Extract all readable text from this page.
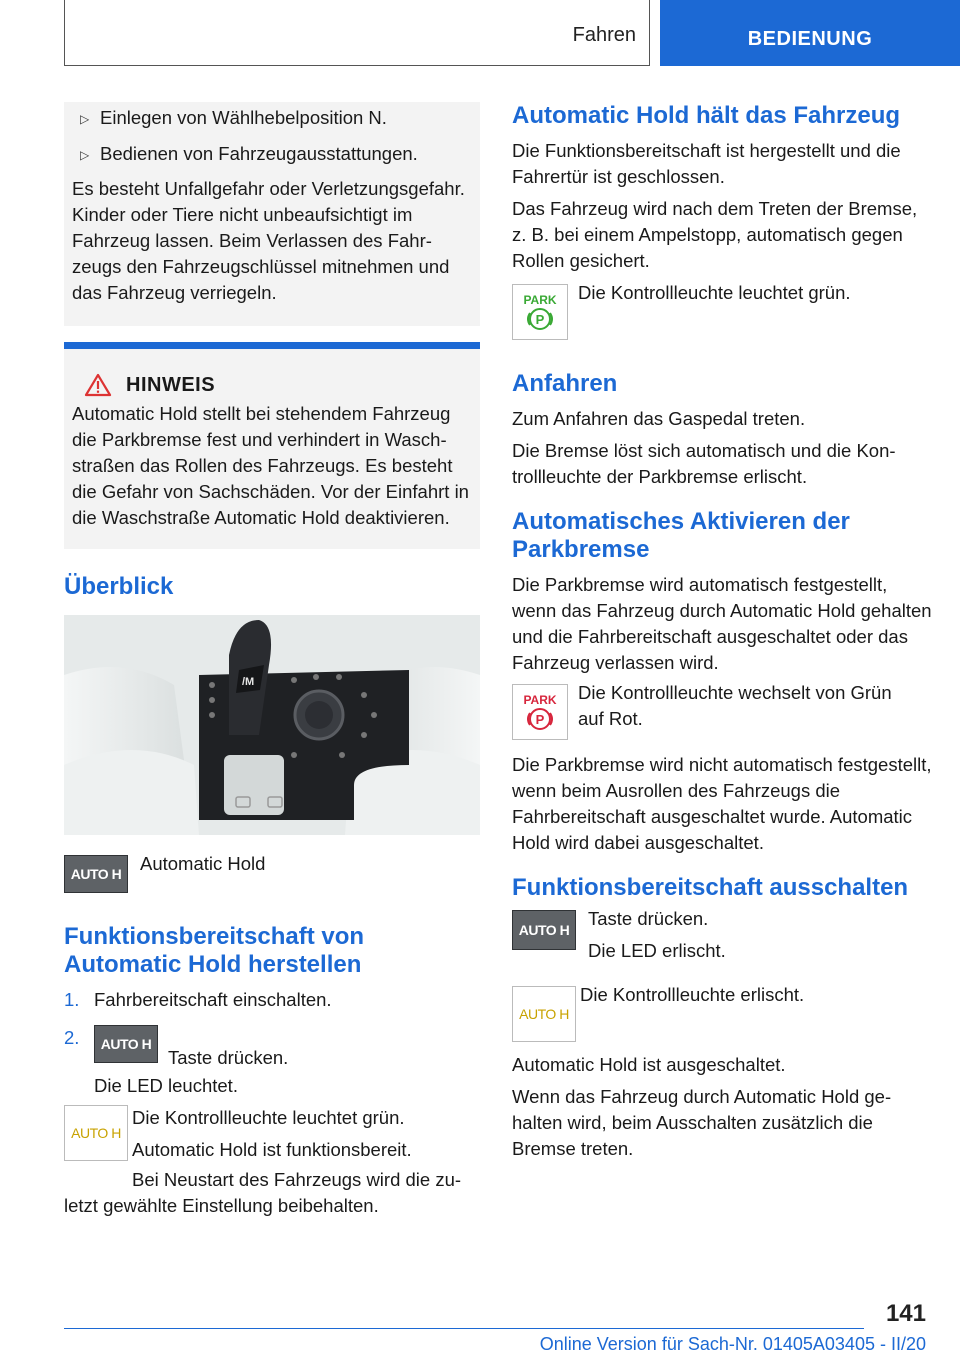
Fahren	BEDIENUNG
▷ Einlegen von Wählhebelposition N.
▷ Bedienen von Fahrzeugausstattungen.

Es besteht Unfallgefahr oder Verletzungsgefahr. Kinder oder Tiere nicht unbeaufsichtigt im Fahrzeug lassen. Beim Verlassen des Fahrzeugs den Fahrzeugschlüssel mitnehmen und das Fahrzeug verriegeln.

HINWEIS

Automatic Hold stellt bei stehendem Fahrzeug die Parkbremse fest und verhindert in Waschstraßen das Rollen des Fahrzeugs. Es besteht die Gefahr von Sachschäden. Vor der Einfahrt in die Waschstraße Automatic Hold deaktivieren.

Überblick
/M
AUTO H Automatic Hold
Funktionsbereitschaft von Automatic Hold herstellen
1. Fahrbereitschaft einschalten.
2.	AUTO H
Taste drücken.

Die LED leuchtet.

AUTO H

Die Kontrollleuchte leuchtet grün.

Automatic Hold ist funktionsbereit.

Bei Neustart des Fahrzeugs wird die zuletzt gewählte Einstellung beibehalten.

Automatic Hold hält das Fahrzeug

Die Funktionsbereitschaft ist hergestellt und die Fahrertür ist geschlossen.

Das Fahrzeug wird nach dem Treten der Bremse, z. B. bei einem Ampelstopp, automatisch gegen Rollen gesichert.

PARK
P
Die Kontrollleuchte leuchtet grün.
Anfahren

Zum Anfahren das Gaspedal treten.

Die Bremse löst sich automatisch und die Kontrollleuchte der Parkbremse erlischt.

Automatisches Aktivieren der Parkbremse

Die Parkbremse wird automatisch festgestellt, wenn das Fahrzeug durch Automatic Hold gehalten und die Fahrbereitschaft ausgeschaltet oder das Fahrzeug verlassen wird.

PARK
P
Die Kontrollleuchte wechselt von Grün auf Rot.

Die Parkbremse wird nicht automatisch festgestellt, wenn beim Ausrollen des Fahrzeugs die Fahrbereitschaft ausgeschaltet wurde. Automatic Hold wird dabei ausgeschaltet.

Funktionsbereitschaft ausschalten
AUTO H

Taste drücken.

Die LED erlischt.

AUTO H
Die Kontrollleuchte erlischt.

Automatic Hold ist ausgeschaltet.

Wenn das Fahrzeug durch Automatic Hold gehalten wird, beim Ausschalten zusätzlich die Bremse treten.

141
Online Version für Sach-Nr. 01405A03405 - II/20
